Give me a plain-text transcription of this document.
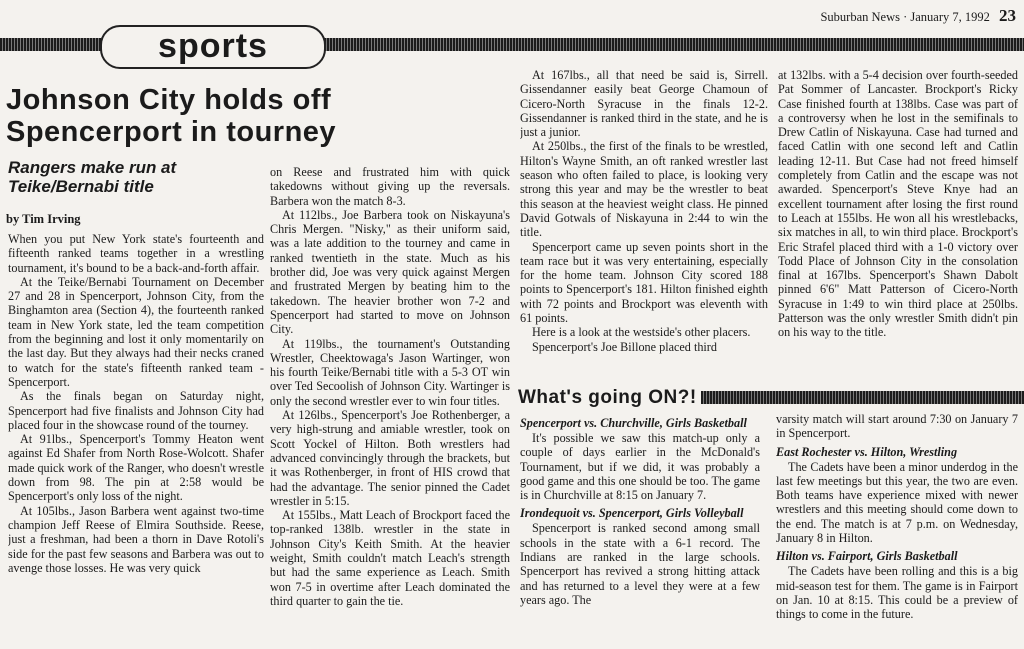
Suburban News · January 7, 1992 23
sports
Johnson City holds off Spencerport in tourney
Rangers make run at Teike/Bernabi title
by Tim Irving

When you put New York state's fourteenth and fifteenth ranked teams together in a wrestling tournament, it's bound to be a back-and-forth affair.

At the Teike/Bernabi Tournament on December 27 and 28 in Spencerport, Johnson City, from the Binghamton area (Section 4), the fourteenth ranked team in New York state, led the team competition from the beginning and lost it only momentarily on the last day. But they always had their necks craned to watch for the state's fifteenth ranked team - Spencerport.

As the finals began on Saturday night, Spencerport had five finalists and Johnson City had placed four in the showcase round of the tourney.

At 91lbs., Spencerport's Tommy Heaton went against Ed Shafer from North Rose-Wolcott. Shafer made quick work of the Ranger, who doesn't wrestle down from 98. The pin at 2:58 would be Spencerport's only loss of the night.

At 105lbs., Jason Barbera went against two-time champion Jeff Reese of Elmira Southside. Reese, just a freshman, had been a thorn in Dave Rotoli's side for the past few seasons and Barbera was out to avenge those losses. He was very quick

on Reese and frustrated him with quick takedowns without giving up the reversals. Barbera won the match 8-3.

At 112lbs., Joe Barbera took on Niskayuna's Chris Mergen. "Nisky," as their uniform said, was a late addition to the tourney and came in ranked twentieth in the state. Much as his brother did, Joe was very quick against Mergen and frustrated Mergen by beating him to the takedown. The heavier brother won 7-2 and Spencerport had started to move on Johnson City.

At 119lbs., the tournament's Outstanding Wrestler, Cheektowaga's Jason Wartinger, won his fourth Teike/Bernabi title with a 5-3 OT win over Ted Secoolish of Johnson City. Wartinger is only the second wrestler ever to win four titles.

At 126lbs., Spencerport's Joe Rothenberger, a very high-strung and amiable wrestler, took on Scott Yockel of Hilton. Both wrestlers had advanced convincingly through the brackets, but it was Rothenberger, in front of HIS crowd that had the advantage. The senior pinned the Cadet wrestler in 5:15.

At 155lbs., Matt Leach of Brockport faced the top-ranked 138lb. wrestler in the state in Johnson City's Keith Smith. At the heavier weight, Smith couldn't match Leach's strength but had the same experience as Leach. Smith won 7-5 in overtime after Leach dominated the third quarter to gain the tie.

At 167lbs., all that need be said is, Sirrell. Gissendanner easily beat George Chamoun of Cicero-North Syracuse in the finals 12-2. Gissendanner is ranked third in the state, and he is just a junior.

At 250lbs., the first of the finals to be wrestled, Hilton's Wayne Smith, an oft ranked wrestler last season who often failed to place, is looking very strong this year and may be the wrestler to beat this season at the heaviest weight class. He pinned David Gotwals of Niskayuna in 2:44 to win the title.

Spencerport came up seven points short in the team race but it was very entertaining, especially for the home team. Johnson City scored 188 points to Spencerport's 181. Hilton finished eighth with 72 points and Brockport was eleventh with 61 points.

Here is a look at the westside's other placers.

Spencerport's Joe Billone placed third

at 132lbs. with a 5-4 decision over fourth-seeded Pat Sommer of Lancaster. Brockport's Ricky Case finished fourth at 138lbs. Case was part of a controversy when he lost in the semifinals to Drew Catlin of Niskayuna. Case had turned and faced Catlin with one second left and Catlin leading 12-11. But Case had not freed himself completely from Catlin and the escape was not awarded. Spencerport's Steve Knye had an excellent tournament after losing the first round to Leach at 155lbs. He won all his wrestlebacks, six matches in all, to win third place. Brockport's Eric Strafel placed third with a 1-0 victory over Todd Place of Johnson City in the consolation final at 167lbs. Spencerport's Shawn Dabolt pinned 6'6" Matt Patterson of Cicero-North Syracuse in 1:49 to win third place at 250lbs. Patterson was the only wrestler Smith didn't pin on his way to the title.

What's going ON?!
Spencerport vs. Churchville, Girls Basketball

It's possible we saw this match-up only a couple of days earlier in the McDonald's Tournament, but if we did, it was probably a good game and this one should be too. The game is in Churchville at 8:15 on January 7.

Irondequoit vs. Spencerport, Girls Volleyball

Spencerport is ranked second among small schools in the state with a 6-1 record. The Indians are ranked in the large schools. Spencerport has revived a strong hitting attack and has returned to a level they were at a few years ago. The

varsity match will start around 7:30 on January 7 in Spencerport.

East Rochester vs. Hilton, Wrestling

The Cadets have been a minor underdog in the last few meetings but this year, the two are even. Both teams have experience mixed with newer wrestlers and this meeting should come down to the end. The match is at 7 p.m. on Wednesday, January 8 in Hilton.

Hilton vs. Fairport, Girls Basketball

The Cadets have been rolling and this is a big mid-season test for them. The game is in Fairport on Jan. 10 at 8:15. This could be a preview of things to come in the future.
